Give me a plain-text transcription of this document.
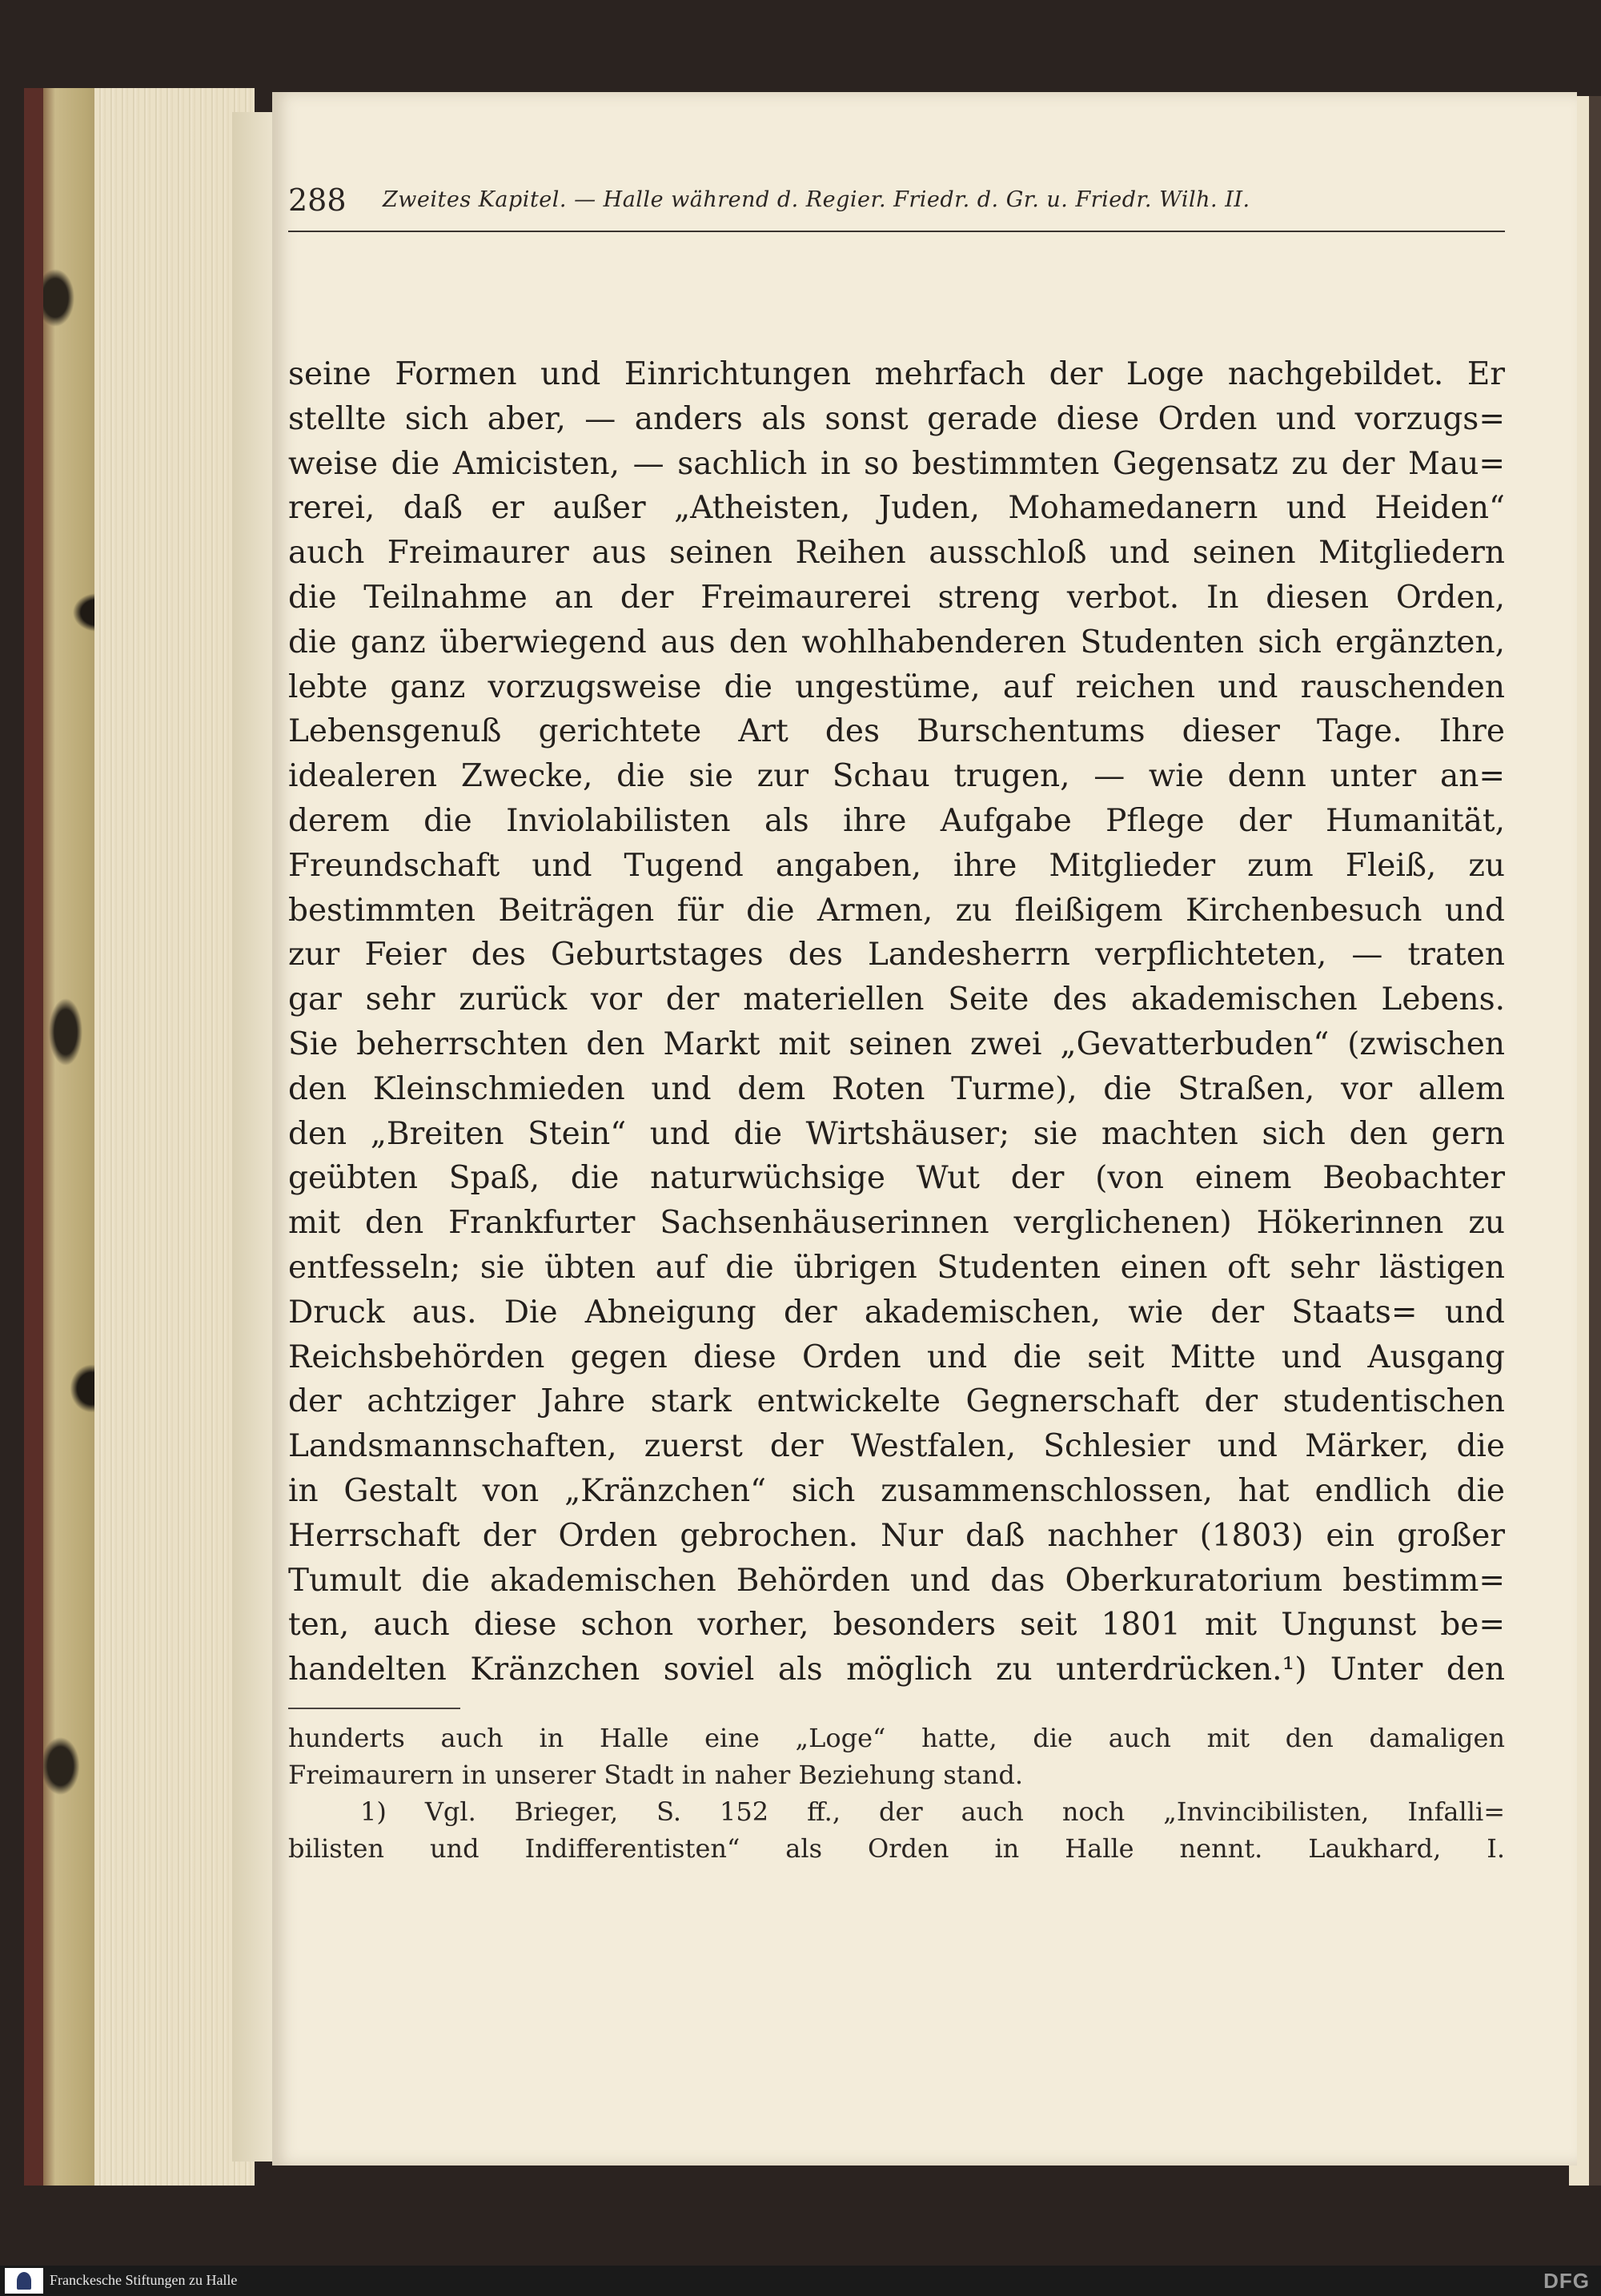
288 Zweites Kapitel. — Halle während d. Regier. Friedr. d. Gr. u. Friedr. Wilh. II.
seine Formen und Einrichtungen mehrfach der Loge nachgebildet. Er
stellte sich aber, — anders als sonst gerade diese Orden und vorzugs=
weise die Amicisten, — sachlich in so bestimmten Gegensatz zu der Mau=
rerei, daß er außer „Atheisten, Juden, Mohamedanern und Heiden“
auch Freimaurer aus seinen Reihen ausschloß und seinen Mitgliedern
die Teilnahme an der Freimaurerei streng verbot. In diesen Orden,
die ganz überwiegend aus den wohlhabenderen Studenten sich ergänzten,
lebte ganz vorzugsweise die ungestüme, auf reichen und rauschenden
Lebensgenuß gerichtete Art des Burschentums dieser Tage. Ihre
idealeren Zwecke, die sie zur Schau trugen, — wie denn unter an=
derem die Inviolabilisten als ihre Aufgabe Pflege der Humanität,
Freundschaft und Tugend angaben, ihre Mitglieder zum Fleiß, zu
bestimmten Beiträgen für die Armen, zu fleißigem Kirchenbesuch und
zur Feier des Geburtstages des Landesherrn verpflichteten, — traten
gar sehr zurück vor der materiellen Seite des akademischen Lebens.
Sie beherrschten den Markt mit seinen zwei „Gevatterbuden“ (zwischen
den Kleinschmieden und dem Roten Turme), die Straßen, vor allem
den „Breiten Stein“ und die Wirtshäuser; sie machten sich den gern
geübten Spaß, die naturwüchsige Wut der (von einem Beobachter
mit den Frankfurter Sachsenhäuserinnen verglichenen) Hökerinnen zu
entfesseln; sie übten auf die übrigen Studenten einen oft sehr lästigen
Druck aus. Die Abneigung der akademischen, wie der Staats= und
Reichsbehörden gegen diese Orden und die seit Mitte und Ausgang
der achtziger Jahre stark entwickelte Gegnerschaft der studentischen
Landsmannschaften, zuerst der Westfalen, Schlesier und Märker, die
in Gestalt von „Kränzchen“ sich zusammenschlossen, hat endlich die
Herrschaft der Orden gebrochen. Nur daß nachher (1803) ein großer
Tumult die akademischen Behörden und das Oberkuratorium bestimm=
ten, auch diese schon vorher, besonders seit 1801 mit Ungunst be=
handelten Kränzchen soviel als möglich zu unterdrücken.¹) Unter den
hunderts auch in Halle eine „Loge“ hatte, die auch mit den damaligen
Freimaurern in unserer Stadt in naher Beziehung stand.
1) Vgl. Brieger, S. 152 ff., der auch noch „Invincibilisten, Infalli=
bilisten und Indifferentisten“ als Orden in Halle nennt. Laukhard, I.
Franckesche Stiftungen zu Halle	DFG
